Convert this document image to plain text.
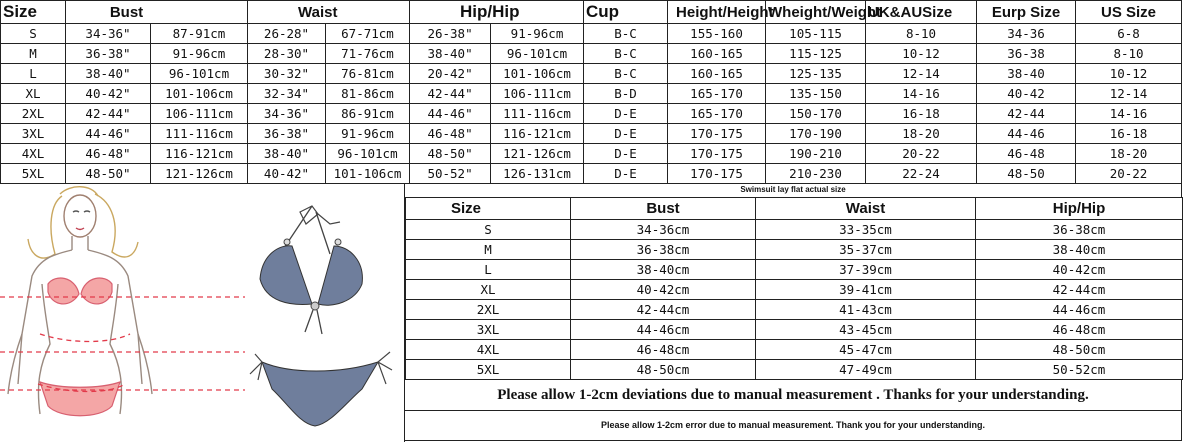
Size	Bust		Waist		Hip/Hip		Cup	Height/Height	Wheight/Weight	UK&AUSize	Eurp Size	US Size
S	34-36"	87-91cm	26-28"	67-71cm	26-38"	91-96cm	B-C	155-160	105-115	8-10	34-36	6-8
M	36-38"	91-96cm	28-30"	71-76cm	38-40"	96-101cm	B-C	160-165	115-125	10-12	36-38	8-10
L	38-40"	96-101cm	30-32"	76-81cm	20-42"	101-106cm	B-C	160-165	125-135	12-14	38-40	10-12
XL	40-42"	101-106cm	32-34"	81-86cm	42-44"	106-111cm	B-D	165-170	135-150	14-16	40-42	12-14
2XL	42-44"	106-111cm	34-36"	86-91cm	44-46"	111-116cm	D-E	165-170	150-170	16-18	42-44	14-16
3XL	44-46"	111-116cm	36-38"	91-96cm	46-48"	116-121cm	D-E	170-175	170-190	18-20	44-46	16-18
4XL	46-48"	116-121cm	38-40"	96-101cm	48-50"	121-126cm	D-E	170-175	190-210	20-22	46-48	18-20
5XL	48-50"	121-126cm	40-42"	101-106cm	50-52"	126-131cm	D-E	170-175	210-230	22-24	48-50	20-22
Swimsuit lay flat actual size
Size	Bust	Waist	Hip/Hip
S	34-36cm	33-35cm	36-38cm
M	36-38cm	35-37cm	38-40cm
L	38-40cm	37-39cm	40-42cm
XL	40-42cm	39-41cm	42-44cm
2XL	42-44cm	41-43cm	44-46cm
3XL	44-46cm	43-45cm	46-48cm
4XL	46-48cm	45-47cm	48-50cm
5XL	48-50cm	47-49cm	50-52cm
Please allow 1-2cm deviations due to manual measurement . Thanks for your understanding.
Please allow 1-2cm error due to manual measurement. Thank you for your understanding.
